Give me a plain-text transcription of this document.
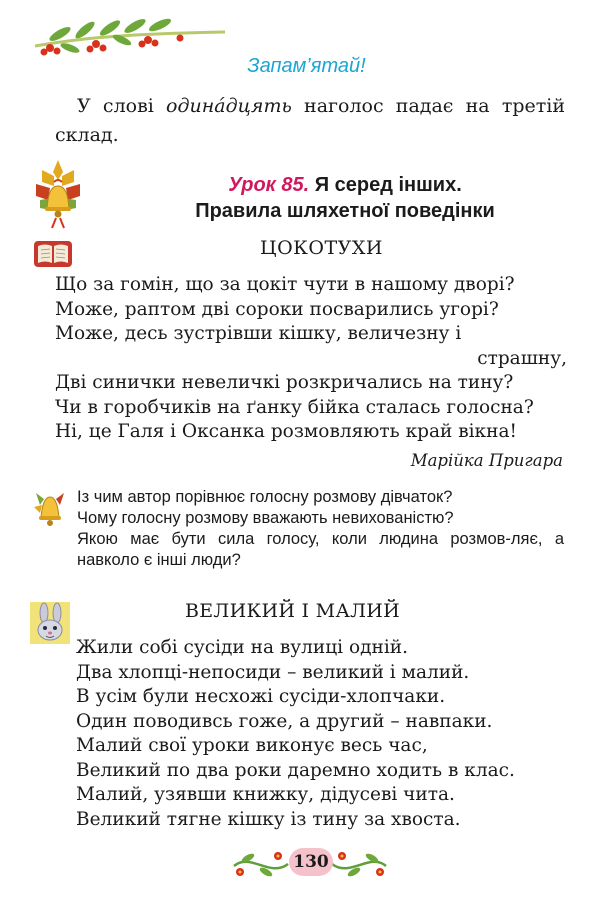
Запам’ятай!
У слові одина́дцять наголос падає на третій склад.
Урок 85. Я серед інших.
Правила шляхетної поведінки
ЦОКОТУХИ
Що за гомін, що за цокіт чути в нашому дворі?
Може, раптом дві сороки посварились угорі?
Може, десь зустрівши кішку, величезну і
страшну,
Дві синички невеличкі розкричались на тину?
Чи в горобчиків на ґанку бійка сталась голосна?
Ні, це Галя і Оксанка розмовляють край вікна!
Марійка Пригара
Із чим автор порівнює голосну розмову дівчаток?
Чому голосну розмову вважають невихованістю?
Якою має бути сила голосу, коли людина розмов-ляє, а навколо є інші люди?
ВЕЛИКИЙ І МАЛИЙ
Жили собі сусіди на вулиці одній.
Два хлопці-непосиди – великий і малий.
В усім були несхожі сусіди-хлопчаки.
Один поводивсь гоже, а другий – навпаки.
Малий свої уроки виконує весь час,
Великий по два роки даремно ходить в клас.
Малий, узявши книжку, дідусеві чита.
Великий тягне кішку із тину за хвоста.
130
